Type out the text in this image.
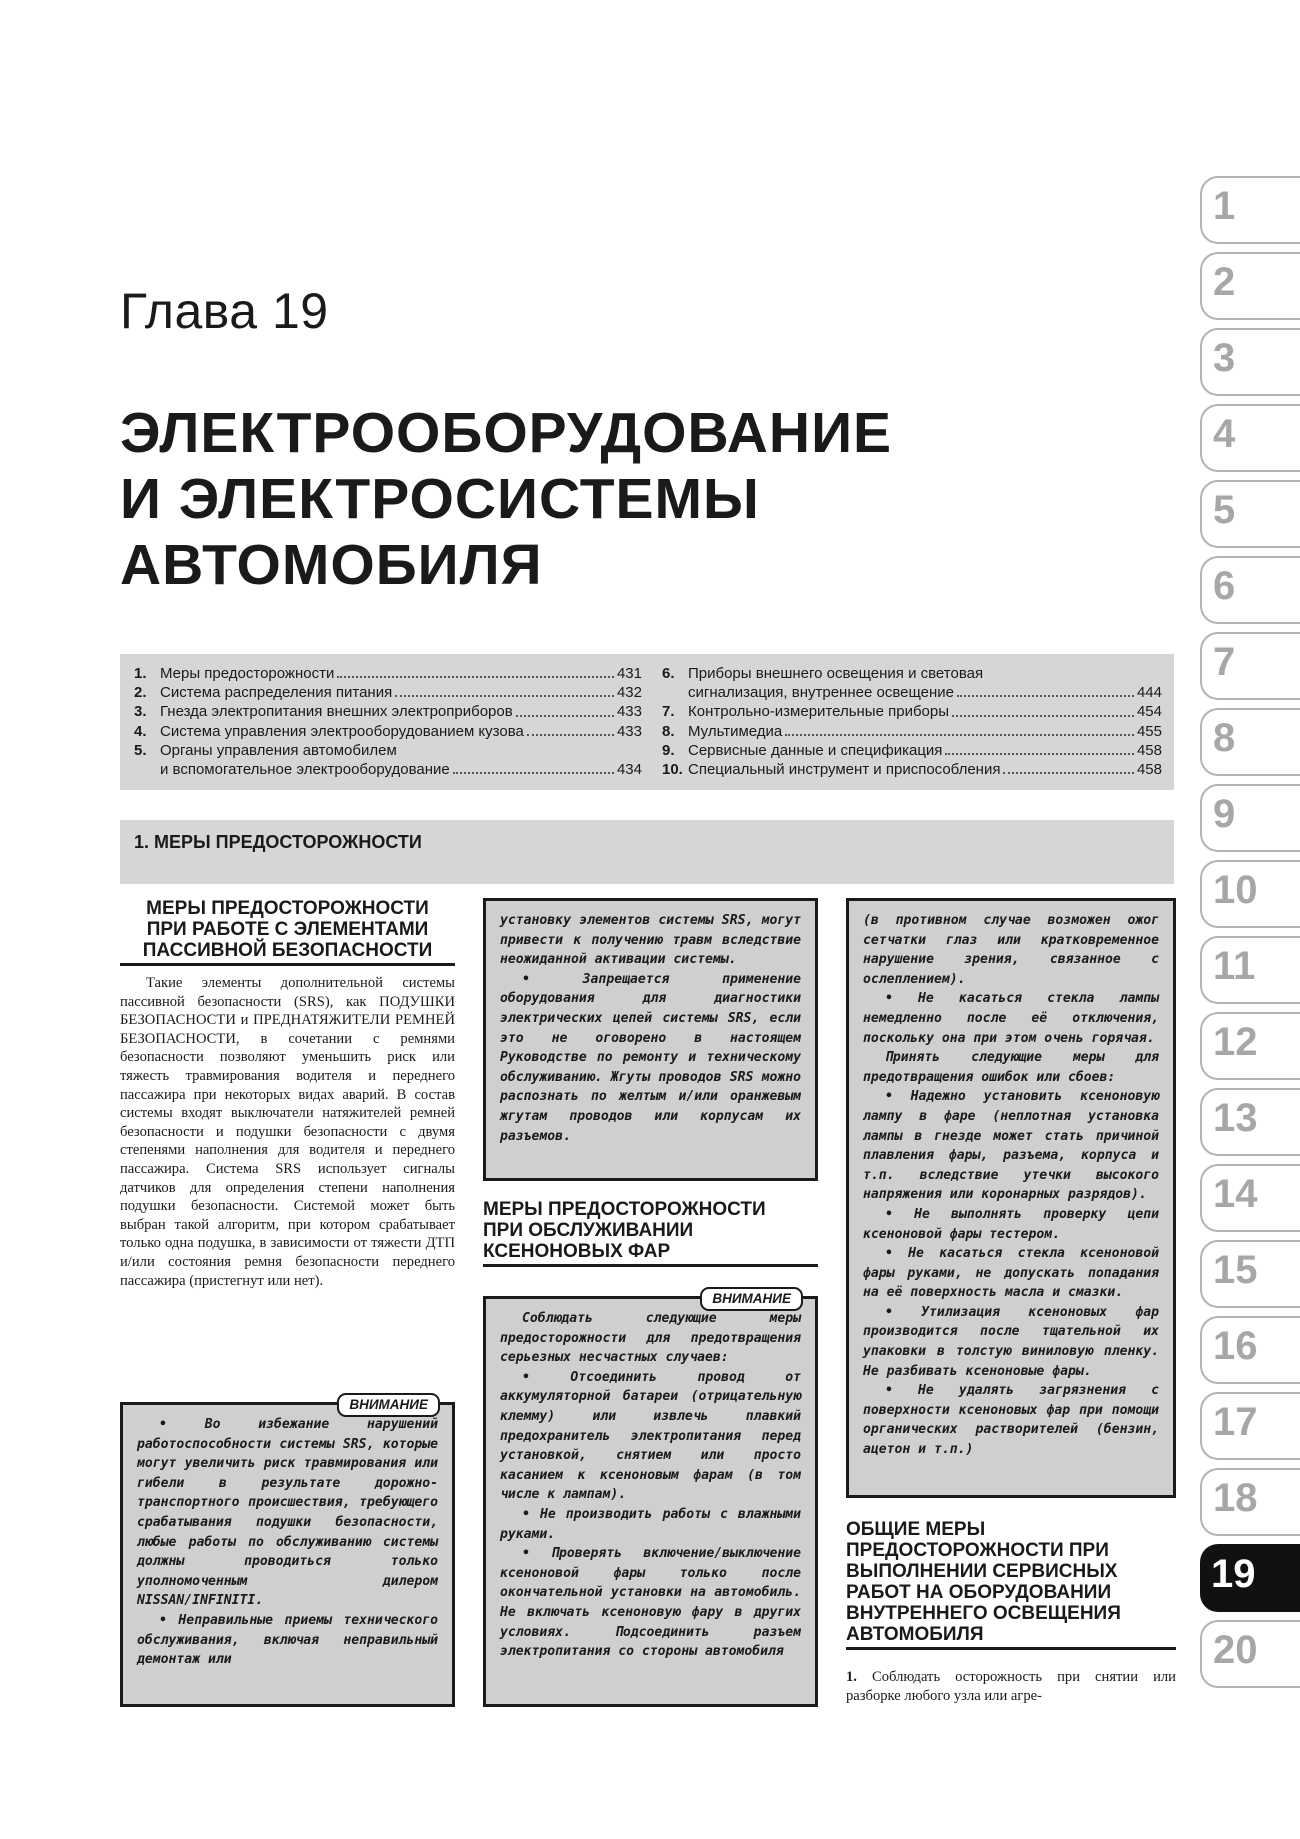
Глава 19
ЭЛЕКТРООБОРУДОВАНИЕ
И ЭЛЕКТРОСИСТЕМЫ
АВТОМОБИЛЯ
1. Меры предосторожности	431
2. Система распределения питания	432
3. Гнезда электропитания внешних электроприборов	433
4. Система управления электрооборудованием кузова	433
5. Органы управления автомобилем
и вспомогательное электрооборудование	434
6. Приборы внешнего освещения и световая
сигнализация, внутреннее освещение	444
7. Контрольно-измерительные приборы	454
8. Мультимедиа	455
9. Сервисные данные и спецификация	458
10. Специальный инструмент и приспособления	458
1. МЕРЫ ПРЕДОСТОРОЖНОСТИ
МЕРЫ ПРЕДОСТОРОЖНОСТИ
ПРИ РАБОТЕ С ЭЛЕМЕНТАМИ
ПАССИВНОЙ БЕЗОПАСНОСТИ

Такие элементы дополнительной системы пассивной безопасности (SRS), как ПОДУШКИ БЕЗОПАСНОСТИ и ПРЕДНАТЯЖИТЕЛИ РЕМНЕЙ БЕЗОПАСНОСТИ, в сочетании с ремнями безопасности позволяют уменьшить риск или тяжесть травмирования водителя и переднего пассажира при некоторых видах аварий. В состав системы входят выключатели натяжителей ремней безопасности и подушки безопасности с двумя степенями наполнения для водителя и переднего пассажира. Система SRS использует сигналы датчиков для определения степени наполнения подушки безопасности. Системой может быть выбран такой алгоритм, при котором срабатывает только одна подушка, в зависимости от тяжести ДТП и/или состояния ремня безопасности переднего пассажира (пристегнут или нет).

ВНИМАНИЕ

• Во избежание нарушений работоспособности системы SRS, которые могут увеличить риск травмирования или гибели в результате дорожно-транспортного происшествия, требующего срабатывания подушки безопасности, любые работы по обслуживанию системы должны проводиться только уполномоченным дилером NISSAN/INFINITI.

• Неправильные приемы технического обслуживания, включая неправильный демонтаж или

установку элементов системы SRS, могут привести к получению травм вследствие неожиданной активации системы.

• Запрещается применение оборудования для диагностики электрических цепей системы SRS, если это не оговорено в настоящем Руководстве по ремонту и техническому обслуживанию. Жгуты проводов SRS можно распознать по желтым и/или оранжевым жгутам проводов или корпусам их разъемов.

МЕРЫ ПРЕДОСТОРОЖНОСТИ
ПРИ ОБСЛУЖИВАНИИ
КСЕНОНОВЫХ ФАР
ВНИМАНИЕ

Соблюдать следующие меры предосторожности для предотвращения серьезных несчастных случаев:

• Отсоединить провод от аккумуляторной батареи (отрицательную клемму) или извлечь плавкий предохранитель электропитания перед установкой, снятием или просто касанием к ксеноновым фарам (в том числе к лампам).

• Не производить работы с влажными руками.

• Проверять включение/выключение ксеноновой фары только после окончательной установки на автомобиль. Не включать ксеноновую фару в других условиях. Подсоединить разъем электропитания со стороны автомобиля

(в противном случае возможен ожог сетчатки глаз или кратковременное нарушение зрения, связанное с ослеплением).

• Не касаться стекла лампы немедленно после её отключения, поскольку она при этом очень горячая.

Принять следующие меры для предотвращения ошибок или сбоев:

• Надежно установить ксеноновую лампу в фаре (неплотная установка лампы в гнезде может стать причиной плавления фары, разъема, корпуса и т.п. вследствие утечки высокого напряжения или коронарных разрядов).

• Не выполнять проверку цепи ксеноновой фары тестером.

• Не касаться стекла ксеноновой фары руками, не допускать попадания на её поверхность масла и смазки.

• Утилизация ксеноновых фар производится после тщательной их упаковки в толстую виниловую пленку. Не разбивать ксеноновые фары.

• Не удалять загрязнения с поверхности ксеноновых фар при помощи органических растворителей (бензин, ацетон и т.п.)

ОБЩИЕ МЕРЫ
ПРЕДОСТОРОЖНОСТИ ПРИ
ВЫПОЛНЕНИИ СЕРВИСНЫХ
РАБОТ НА ОБОРУДОВАНИИ
ВНУТРЕННЕГО ОСВЕЩЕНИЯ
АВТОМОБИЛЯ

1. Соблюдать осторожность при снятии или разборке любого узла или агре-

1
2
3
4
5
6
7
8
9
10
11
12
13
14
15
16
17
18
19
20
